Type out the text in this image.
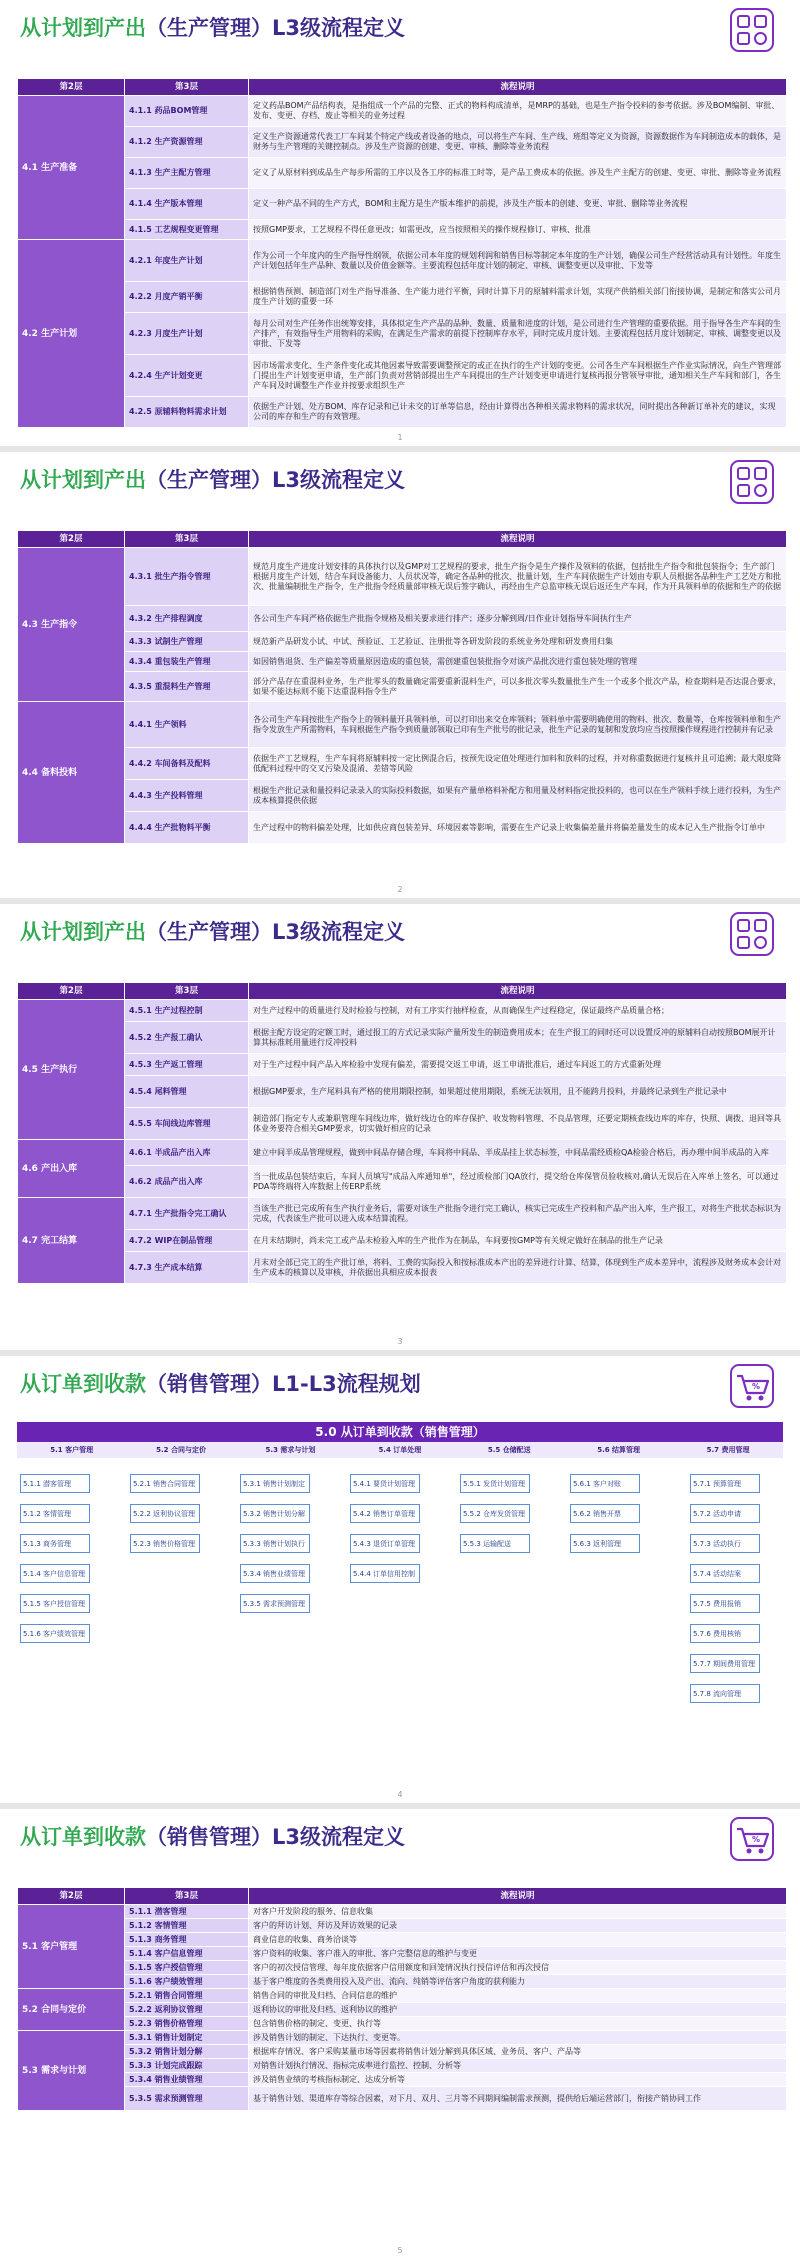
从计划到产出（生产管理）L3级流程定义
第2层	第3层	流程说明
4.1 生产准备	4.1.1 药品BOM管理	定义药品BOM产品结构表，是指组成一个产品的完整、正式的物料构成清单，是MRP的基础，也是生产指令投料的参考依据。涉及BOM编制、审批、发布、变更、存档、废止等相关的业务过程
	4.1.2 生产资源管理	定义生产资源通常代表工厂车间某个特定产线或者设备的地点，可以将生产车间、生产线、班组等定义为资源，资源数据作为车间制造成本的载体，是财务与生产管理的关键控制点。涉及生产资源的创建、变更、审核、删除等业务流程
	4.1.3 生产主配方管理	定义了从原材料到成品生产每步所需的工序以及各工序的标准工时等，是产品工费成本的依据。涉及生产主配方的创建、变更、审批、删除等业务流程
	4.1.4 生产版本管理	定义一种产品不同的生产方式，BOM和主配方是生产版本维护的前提，涉及生产版本的创建、变更、审批、删除等业务流程
	4.1.5 工艺规程变更管理	按照GMP要求，工艺规程不得任意更改；如需更改，应当按照相关的操作规程修订、审核、批准
4.2 生产计划	4.2.1 年度生产计划	作为公司一个年度内的生产指导性纲领，依据公司本年度的规划利润和销售目标等制定本年度的生产计划，确保公司生产经营活动具有计划性。年度生产计划包括年生产品种、数量以及价值金额等。主要流程包括年度计划的制定、审核、调整变更以及审批、下发等
	4.2.2 月度产销平衡	根据销售预测、制造部门对生产指导准备、生产能力进行平衡，同时计算下月的原辅料需求计划，实现产供销相关部门衔接协调，是制定和落实公司月度生产计划的重要一环
	4.2.3 月度生产计划	每月公司对生产任务作出统筹安排，具体拟定生产产品的品种、数量、质量和进度的计划，是公司进行生产管理的重要依据。用于指导各生产车间的生产排产，有效指导生产用物料的采购，在满足生产需求的前提下控制库存水平，同时完成月度计划。主要流程包括月度计划制定、审核、调整变更以及审批、下发等
	4.2.4 生产计划变更	因市场需求变化、生产条件变化或其他因素导致需要调整预定的或正在执行的生产计划的变更。公司各生产车间根据生产作业实际情况，向生产管理部门提出生产计划变更申请，生产部门负责对营销部提出生产车间提出的生产计划变更申请进行复核再报分管领导审批，通知相关生产车间和部门，各生产车间及时调整生产作业并按要求组织生产
	4.2.5 原辅料物料需求计划	依据生产计划、处方BOM、库存记录和已计未交的订单等信息，经由计算得出各种相关需求物料的需求状况，同时提出各种新订单补充的建议，实现公司的库存和生产的有效管理。
1
从计划到产出（生产管理）L3级流程定义
第2层	第3层	流程说明
4.3 生产指令	4.3.1 批生产指令管理	规范月度生产进度计划安排的具体执行以及GMP对工艺规程的要求，批生产指令是生产操作及领料的依据，包括批生产指令和批包装指令；生产部门根据月度生产计划，结合车间设备能力、人员状况等，确定各品种的批次、批量计划，生产车间依据生产计划由专职人员根据各品种生产工艺处方和批次、批量编制批生产指令，生产批指令经质量部审核无误后签字确认，再经由生产总监审核无误后返还生产车间，作为开具领料单的依据和生产的依据
	4.3.2 生产排程调度	各公司生产车间严格依据生产批指令规格及相关要求进行排产；逐步分解到周/日作业计划指导车间执行生产
	4.3.3 试制生产管理	规范新产品研发小试、中试、预验证、工艺验证、注册批等各研发阶段的系统业务处理和研发费用归集
	4.3.4 重包装生产管理	如因销售退货、生产偏差等质量原因造成的重包装，需创建重包装批指令对该产品批次进行重包装处理的管理
	4.3.5 重混料生产管理	部分产品存在重混料业务，生产批零头的数量确定需要重新混料生产，可以多批次零头数量批生产生一个或多个批次产品，检查期料是否达混合要求，如果不能达标则不能下达重混料指令生产
4.4 备料投料	4.4.1 生产领料	各公司生产车间按批生产指令上的领料量开具领料单，可以打印出来交仓库领料；领料单中需要明确使用的物料、批次、数量等，仓库按领料单和生产指令发放生产所需物料，车间根据生产指令到质量部领取已印有生产批号的批记录，批生产记录的复制和发放均应当按照操作规程进行控制并有记录
	4.4.2 车间备料及配料	依据生产工艺规程，生产车间将原辅料按一定比例混合后，按预先设定值处理进行加料和放料的过程，并对称重数据进行复核并且可追溯；最大限度降低配料过程中的交叉污染及混淆、差错等风险
	4.4.3 生产投料管理	根据生产批记录和量投料记录录入的实际投料数据，如果有产量单格料补配方和用量及材料指定批投料的，也可以在生产领料手续上进行投料，为生产成本核算提供依据
	4.4.4 生产批物料平衡	生产过程中的物料偏差处理，比如供应商包装差异、环境因素等影响，需要在生产记录上收集偏差量并将偏差量发生的成本记入生产批指令订单中
2
从计划到产出（生产管理）L3级流程定义
第2层	第3层	流程说明
4.5 生产执行	4.5.1 生产过程控制	对生产过程中的质量进行及时检验与控制，对有工序实行抽样检查，从而确保生产过程稳定，保证最终产品质量合格；
	4.5.2 生产报工确认	根据主配方设定的定额工时，通过报工的方式记录实际产量所发生的制造费用成本；在生产报工的同时还可以设置反冲的原辅料自动按照BOM展开计算其标准耗用量进行反冲投料
	4.5.3 生产返工管理	对于生产过程中间产品入库检验中发现有偏差，需要提交返工申请，返工申请批准后，通过车间返工的方式重新处理
	4.5.4 尾料管理	根据GMP要求，生产尾料具有严格的使用期限控制，如果超过使用期限，系统无法领用，且不能跨月投料，并最终记录到生产批记录中
	4.5.5 车间线边库管理	制造部门指定专人或兼职管理车间线边库，做好线边仓的库存保护、收发物料管理、不良品管理，还要定期核查线边库的库存，快照、调拨、退回等具体业务要符合相关GMP要求，切实做好相应的记录
4.6 产出入库	4.6.1 半成品产出入库	建立中间半成品管理规程，做到中间品存储合理，车间将中间品、半成品挂上状态标签，中间品需经质检QA检验合格后，再办理中间半成品的入库
	4.6.2 成品产出入库	当一批成品包装结束后，车间人员填写"成品入库通知单"，经过质检部门QA放行，提交给仓库保管员验收核对,确认无误后在入库单上签名，可以通过PDA等终端将入库数据上传ERP系统
4.7 完工结算	4.7.1 生产批指令完工确认	当该生产批已完成所有生产执行业务后，需要对该生产批指令进行完工确认，核实已完成生产投料和产品产出入库，生产报工，对将生产批状态标识为完成，代表该生产批可以进入成本结算流程。
	4.7.2 WIP在制品管理	在月末结期时，尚未完工或产品未检验入库的生产批作为在制品，车间要按GMP等有关规定做好在制品的批生产记录
	4.7.3 生产成本结算	月末对全部已完工的生产批订单，将料、工费的实际投入和按标准成本产出的差异进行计算、结算，体现到生产成本差异中，流程涉及财务成本会计对生产成本的核算以及审核，并依据出具相应成本报表
3
从订单到收款（销售管理）L1-L3流程规划	%
5.0 从订单到收款（销售管理）
5.1 客户管理	5.2 合同与定价	5.3 需求与计划	5.4 订单处理	5.5 仓储配送	5.6 结算管理	5.7 费用管理
5.1.1 潜客管理
5.1.2 客情管理
5.1.3 商务管理
5.1.4 客户信息管理
5.1.5 客户授信管理
5.1.6 客户绩效管理
5.2.1 销售合同管理
5.2.2 返利协议管理
5.2.3 销售价格管理
5.3.1 销售计划制定
5.3.2 销售计划分解
5.3.3 销售计划执行
5.3.4 销售业绩管理
5.3.5 需求预测管理
5.4.1 要货计划管理
5.4.2 销售订单管理
5.4.3 退货订单管理
5.4.4 订单信用控制
5.5.1 发货计划管理
5.5.2 仓库发货管理
5.5.3 运输配送
5.6.1 客户对账
5.6.2 销售开票
5.6.3 返利管理
5.7.1 预算管理
5.7.2 活动申请
5.7.3 活动执行
5.7.4 活动结案
5.7.5 费用报销
5.7.6 费用核销
5.7.7 期间费用管理
5.7.8 流向管理
4
从订单到收款（销售管理）L3级流程定义	%
第2层	第3层	流程说明
5.1 客户管理	5.1.1 潜客管理	对客户开发阶段的服务、信息收集
	5.1.2 客情管理	客户的拜访计划、拜访及拜访效果的记录
	5.1.3 商务管理	商业信息的收集、商务洽谈等
	5.1.4 客户信息管理	客户资料的收集、客户准入的审批、客户完整信息的维护与变更
	5.1.5 客户授信管理	客户的初次授信管理、每年度依据客户信用额度和回笼情况执行授信评估和再次授信
	5.1.6 客户绩效管理	基于客户维度的各类费用投入及产出、流向、纯销等评估客户角度的获利能力
5.2 合同与定价	5.2.1 销售合同管理	销售合同的审批及归档、合同信息的维护
	5.2.2 返利协议管理	返利协议的审批及归档、返利协议的维护
	5.2.3 销售价格管理	包含销售价格的制定、变更、执行等
5.3 需求与计划	5.3.1 销售计划制定	涉及销售计划的制定、下达执行、变更等。
	5.3.2 销售计划分解	根据库存情况、客户采购某量市场等因素将销售计划分解到具体区域、业务员、客户、产品等
	5.3.3 计划完成跟踪	对销售计划执行情况、指标完成率进行监控、控制、分析等
	5.3.4 销售业绩管理	涉及销售业绩的考核指标制定、达成分析等
	5.3.5 需求预测管理	基于销售计划、渠道库存等综合因素，对下月、双月、三月等不同期间编制需求预测，提供给后端运营部门，衔接产销协同工作
5
